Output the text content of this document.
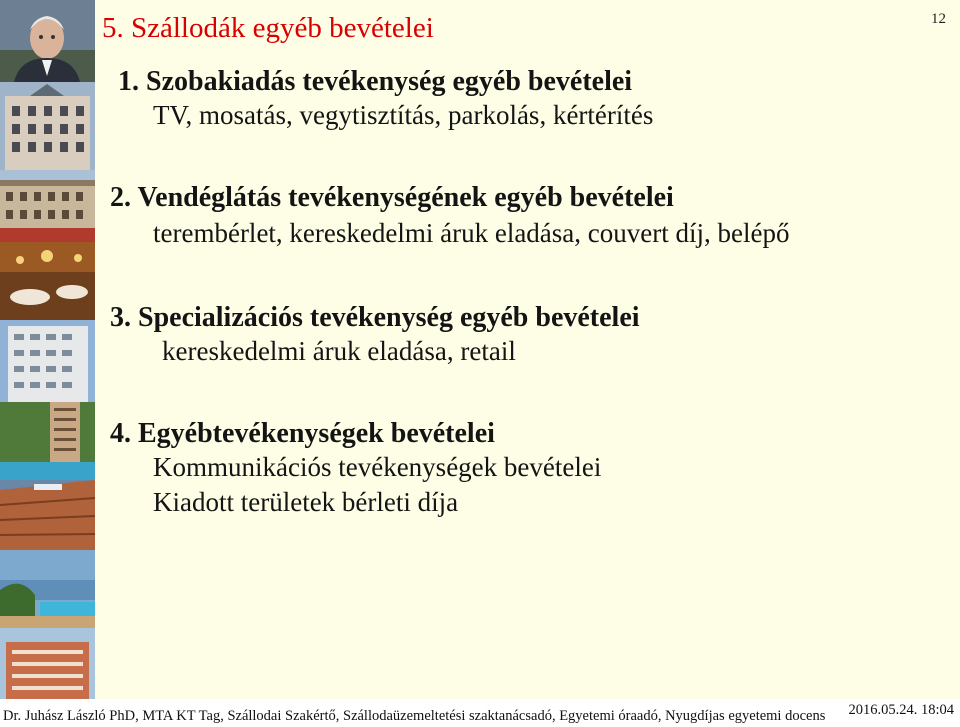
5. Szállodák egyéb bevételei	12
1. Szobakiadás tevékenység egyéb bevételei
TV, mosatás, vegytisztítás, parkolás, kértérítés
2. Vendéglátás tevékenységének egyéb bevételei
terembérlet, kereskedelmi áruk eladása, couvert díj, belépő
3. Specializációs tevékenység egyéb bevételei
kereskedelmi áruk eladása, retail
4. Egyébtevékenységek bevételei
Kommunikációs tevékenységek bevételei
Kiadott területek bérleti díja
Dr. Juhász László PhD, MTA KT Tag, Szállodai Szakértő, Szállodaüzemeltetési szaktanácsadó, Egyetemi óraadó, Nyugdíjas egyetemi docens 2016.05.24. 18:04
